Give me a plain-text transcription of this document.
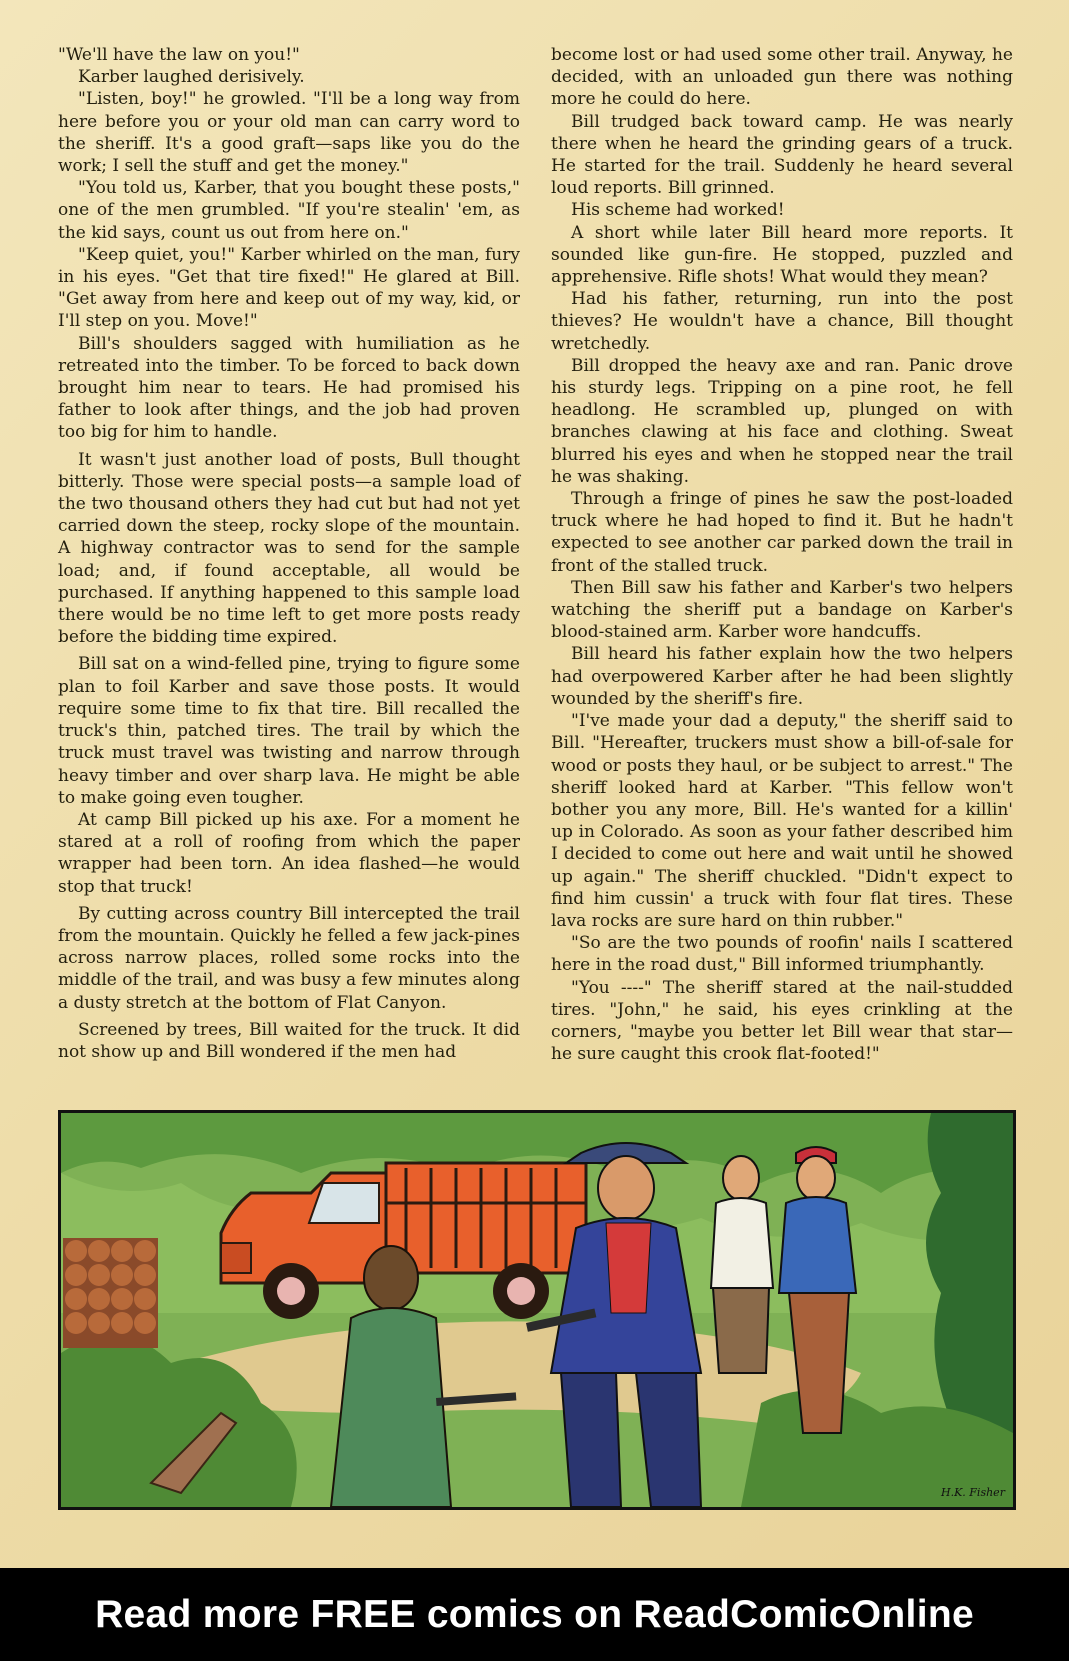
"We'll have the law on you!"

Karber laughed derisively.

"Listen, boy!" he growled. "I'll be a long way from here before you or your old man can carry word to the sheriff. It's a good graft—saps like you do the work; I sell the stuff and get the money."

"You told us, Karber, that you bought these posts," one of the men grumbled. "If you're stealin' 'em, as the kid says, count us out from here on."

"Keep quiet, you!" Karber whirled on the man, fury in his eyes. "Get that tire fixed!" He glared at Bill. "Get away from here and keep out of my way, kid, or I'll step on you. Move!"

Bill's shoulders sagged with humiliation as he retreated into the timber. To be forced to back down brought him near to tears. He had promised his father to look after things, and the job had proven too big for him to handle.

It wasn't just another load of posts, Bull thought bitterly. Those were special posts—a sample load of the two thousand others they had cut but had not yet carried down the steep, rocky slope of the mountain. A highway contractor was to send for the sample load; and, if found acceptable, all would be purchased. If anything happened to this sample load there would be no time left to get more posts ready before the bidding time expired.

Bill sat on a wind-felled pine, trying to figure some plan to foil Karber and save those posts. It would require some time to fix that tire. Bill recalled the truck's thin, patched tires. The trail by which the truck must travel was twisting and narrow through heavy timber and over sharp lava. He might be able to make going even tougher.

At camp Bill picked up his axe. For a moment he stared at a roll of roofing from which the paper wrapper had been torn. An idea flashed—he would stop that truck!

By cutting across country Bill intercepted the trail from the mountain. Quickly he felled a few jack-pines across narrow places, rolled some rocks into the middle of the trail, and was busy a few minutes along a dusty stretch at the bottom of Flat Canyon.

Screened by trees, Bill waited for the truck. It did not show up and Bill wondered if the men had

become lost or had used some other trail. Anyway, he decided, with an unloaded gun there was nothing more he could do here.

Bill trudged back toward camp. He was nearly there when he heard the grinding gears of a truck. He started for the trail. Suddenly he heard several loud reports. Bill grinned.

His scheme had worked!

A short while later Bill heard more reports. It sounded like gun-fire. He stopped, puzzled and apprehensive. Rifle shots! What would they mean?

Had his father, returning, run into the post thieves? He wouldn't have a chance, Bill thought wretchedly.

Bill dropped the heavy axe and ran. Panic drove his sturdy legs. Tripping on a pine root, he fell headlong. He scrambled up, plunged on with branches clawing at his face and clothing. Sweat blurred his eyes and when he stopped near the trail he was shaking.

Through a fringe of pines he saw the post-loaded truck where he had hoped to find it. But he hadn't expected to see another car parked down the trail in front of the stalled truck.

Then Bill saw his father and Karber's two helpers watching the sheriff put a bandage on Karber's blood-stained arm. Karber wore handcuffs.

Bill heard his father explain how the two helpers had overpowered Karber after he had been slightly wounded by the sheriff's fire.

"I've made your dad a deputy," the sheriff said to Bill. "Hereafter, truckers must show a bill-of-sale for wood or posts they haul, or be subject to arrest." The sheriff looked hard at Karber. "This fellow won't bother you any more, Bill. He's wanted for a killin' up in Colorado. As soon as your father described him I decided to come out here and wait until he showed up again." The sheriff chuckled. "Didn't expect to find him cussin' a truck with four flat tires. These lava rocks are sure hard on thin rubber."

"So are the two pounds of roofin' nails I scattered here in the road dust," Bill informed triumphantly.

"You ----" The sheriff stared at the nail-studded tires. "John," he said, his eyes crinkling at the corners, "maybe you better let Bill wear that star—he sure caught this crook flat-footed!"

H.K. Fisher
Read more FREE comics on ReadComicOnline
